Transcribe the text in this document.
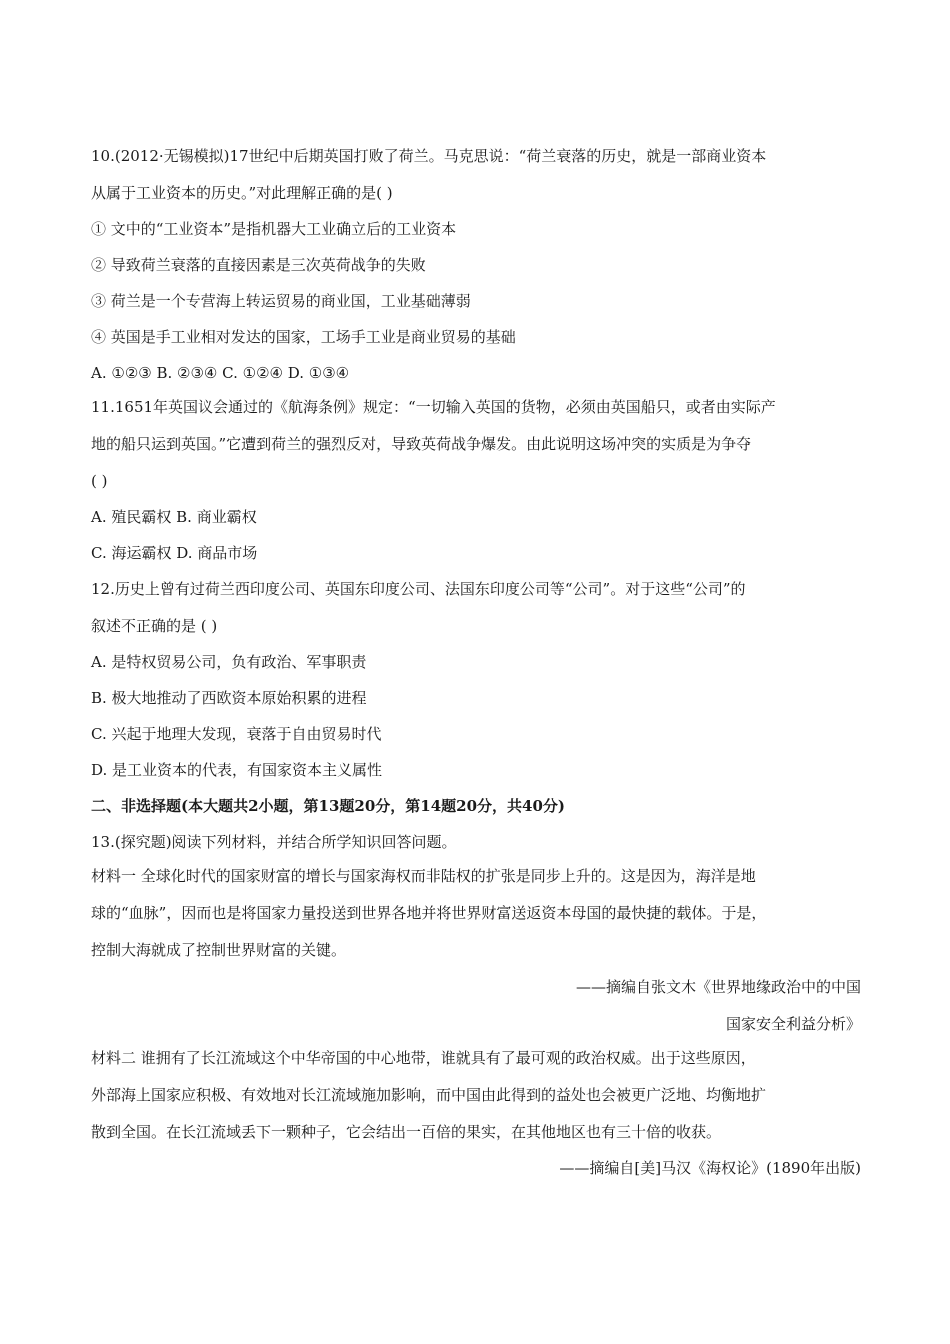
10.(2012·无锡模拟)17世纪中后期英国打败了荷兰。马克思说：“荷兰衰落的历史，就是一部商业资本

从属于工业资本的历史。”对此理解正确的是( )

① 文中的“工业资本”是指机器大工业确立后的工业资本

② 导致荷兰衰落的直接因素是三次英荷战争的失败

③ 荷兰是一个专营海上转运贸易的商业国，工业基础薄弱

④ 英国是手工业相对发达的国家，工场手工业是商业贸易的基础

A. ①②③ B. ②③④ C. ①②④ D. ①③④

11.1651年英国议会通过的《航海条例》规定：“一切输入英国的货物，必须由英国船只，或者由实际产

地的船只运到英国。”它遭到荷兰的强烈反对，导致英荷战争爆发。由此说明这场冲突的实质是为争夺

( )

A. 殖民霸权 B. 商业霸权

C. 海运霸权 D. 商品市场

12.历史上曾有过荷兰西印度公司、英国东印度公司、法国东印度公司等“公司”。对于这些“公司”的

叙述不正确的是 ( )

A. 是特权贸易公司，负有政治、军事职责

B. 极大地推动了西欧资本原始积累的进程

C. 兴起于地理大发现，衰落于自由贸易时代

D. 是工业资本的代表，有国家资本主义属性

二、非选择题(本大题共2小题，第13题20分，第14题20分，共40分)

13.(探究题)阅读下列材料，并结合所学知识回答问题。

材料一 全球化时代的国家财富的增长与国家海权而非陆权的扩张是同步上升的。这是因为，海洋是地

球的“血脉”，因而也是将国家力量投送到世界各地并将世界财富送返资本母国的最快捷的载体。于是，

控制大海就成了控制世界财富的关键。

——摘编自张文木《世界地缘政治中的中国

国家安全利益分析》

材料二 谁拥有了长江流域这个中华帝国的中心地带，谁就具有了最可观的政治权威。出于这些原因，

外部海上国家应积极、有效地对长江流域施加影响，而中国由此得到的益处也会被更广泛地、均衡地扩

散到全国。在长江流域丢下一颗种子，它会结出一百倍的果实，在其他地区也有三十倍的收获。

——摘编自[美]马汉《海权论》(1890年出版)
